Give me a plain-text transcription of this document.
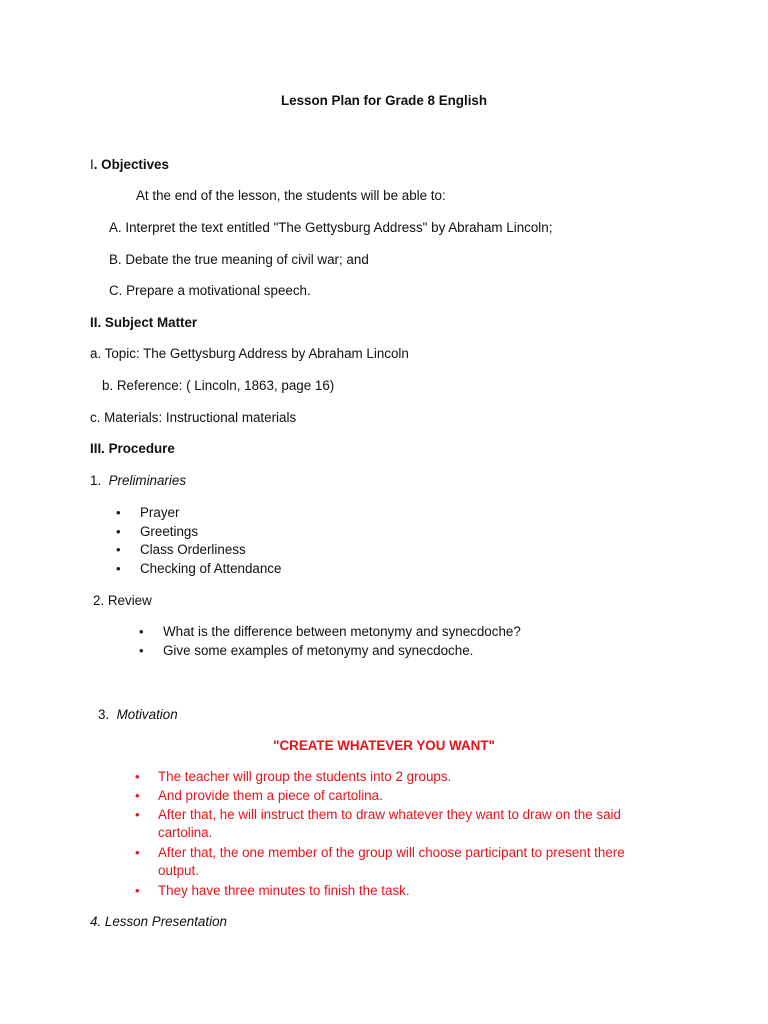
Lesson Plan for Grade 8 English
I. Objectives
At the end of the lesson, the students will be able to:
A. Interpret the text entitled "The Gettysburg Address" by Abraham Lincoln;
B. Debate the true meaning of civil war; and
C. Prepare a motivational speech.
II. Subject Matter
a. Topic: The Gettysburg Address by Abraham Lincoln
b. Reference: ( Lincoln, 1863, page 16)
c. Materials: Instructional materials
III. Procedure
1. Preliminaries
• Prayer
• Greetings
• Class Orderliness
• Checking of Attendance
2. Review
• What is the difference between metonymy and synecdoche?
• Give some examples of metonymy and synecdoche.
3. Motivation
"CREATE WHATEVER YOU WANT"
• The teacher will group the students into 2 groups.
• And provide them a piece of cartolina.
• After that, he will instruct them to draw whatever they want to draw on the said
cartolina.
• After that, the one member of the group will choose participant to present there
output.
• They have three minutes to finish the task.
4. Lesson Presentation
